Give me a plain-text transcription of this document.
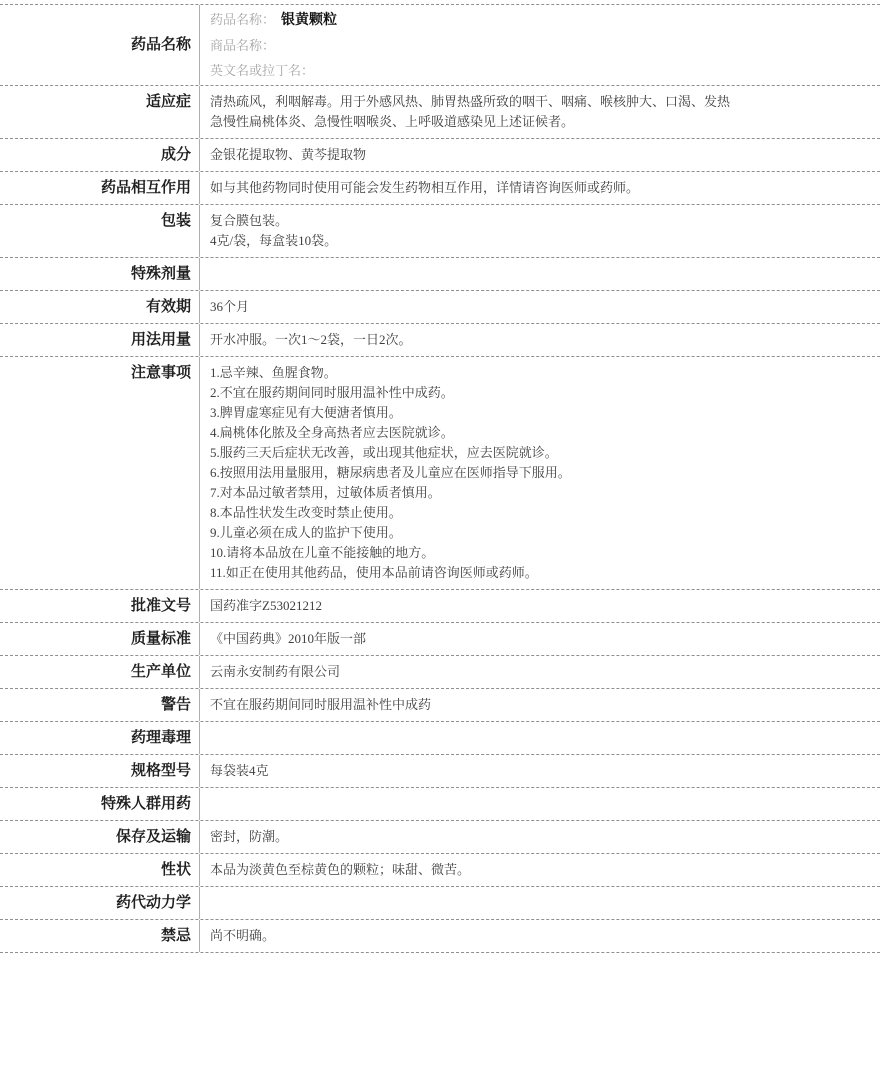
药品名称
药品名称： 银黄颗粒
商品名称：
英文名或拉丁名：
适应症	清热疏风，利咽解毒。用于外感风热、肺胃热盛所致的咽干、咽痛、喉核肿大、口渴、发热
急慢性扁桃体炎、急慢性咽喉炎、上呼吸道感染见上述证候者。
成分	金银花提取物、黄芩提取物
药品相互作用	如与其他药物同时使用可能会发生药物相互作用，详情请咨询医师或药师。
包装	复合膜包装。
4克/袋，每盒装10袋。
特殊剂量
有效期	36个月
用法用量	开水冲服。一次1～2袋，一日2次。
注意事项	1.忌辛辣、鱼腥食物。
2.不宜在服药期间同时服用温补性中成药。
3.脾胃虚寒症见有大便溏者慎用。
4.扁桃体化脓及全身高热者应去医院就诊。
5.服药三天后症状无改善，或出现其他症状，应去医院就诊。
6.按照用法用量服用，糖尿病患者及儿童应在医师指导下服用。
7.对本品过敏者禁用，过敏体质者慎用。
8.本品性状发生改变时禁止使用。
9.儿童必须在成人的监护下使用。
10.请将本品放在儿童不能接触的地方。
11.如正在使用其他药品，使用本品前请咨询医师或药师。
批准文号	国药准字Z53021212
质量标准	《中国药典》2010年版一部
生产单位	云南永安制药有限公司
警告	不宜在服药期间同时服用温补性中成药
药理毒理
规格型号	每袋装4克
特殊人群用药
保存及运输	密封，防潮。
性状	本品为淡黄色至棕黄色的颗粒；味甜、微苦。
药代动力学
禁忌	尚不明确。
